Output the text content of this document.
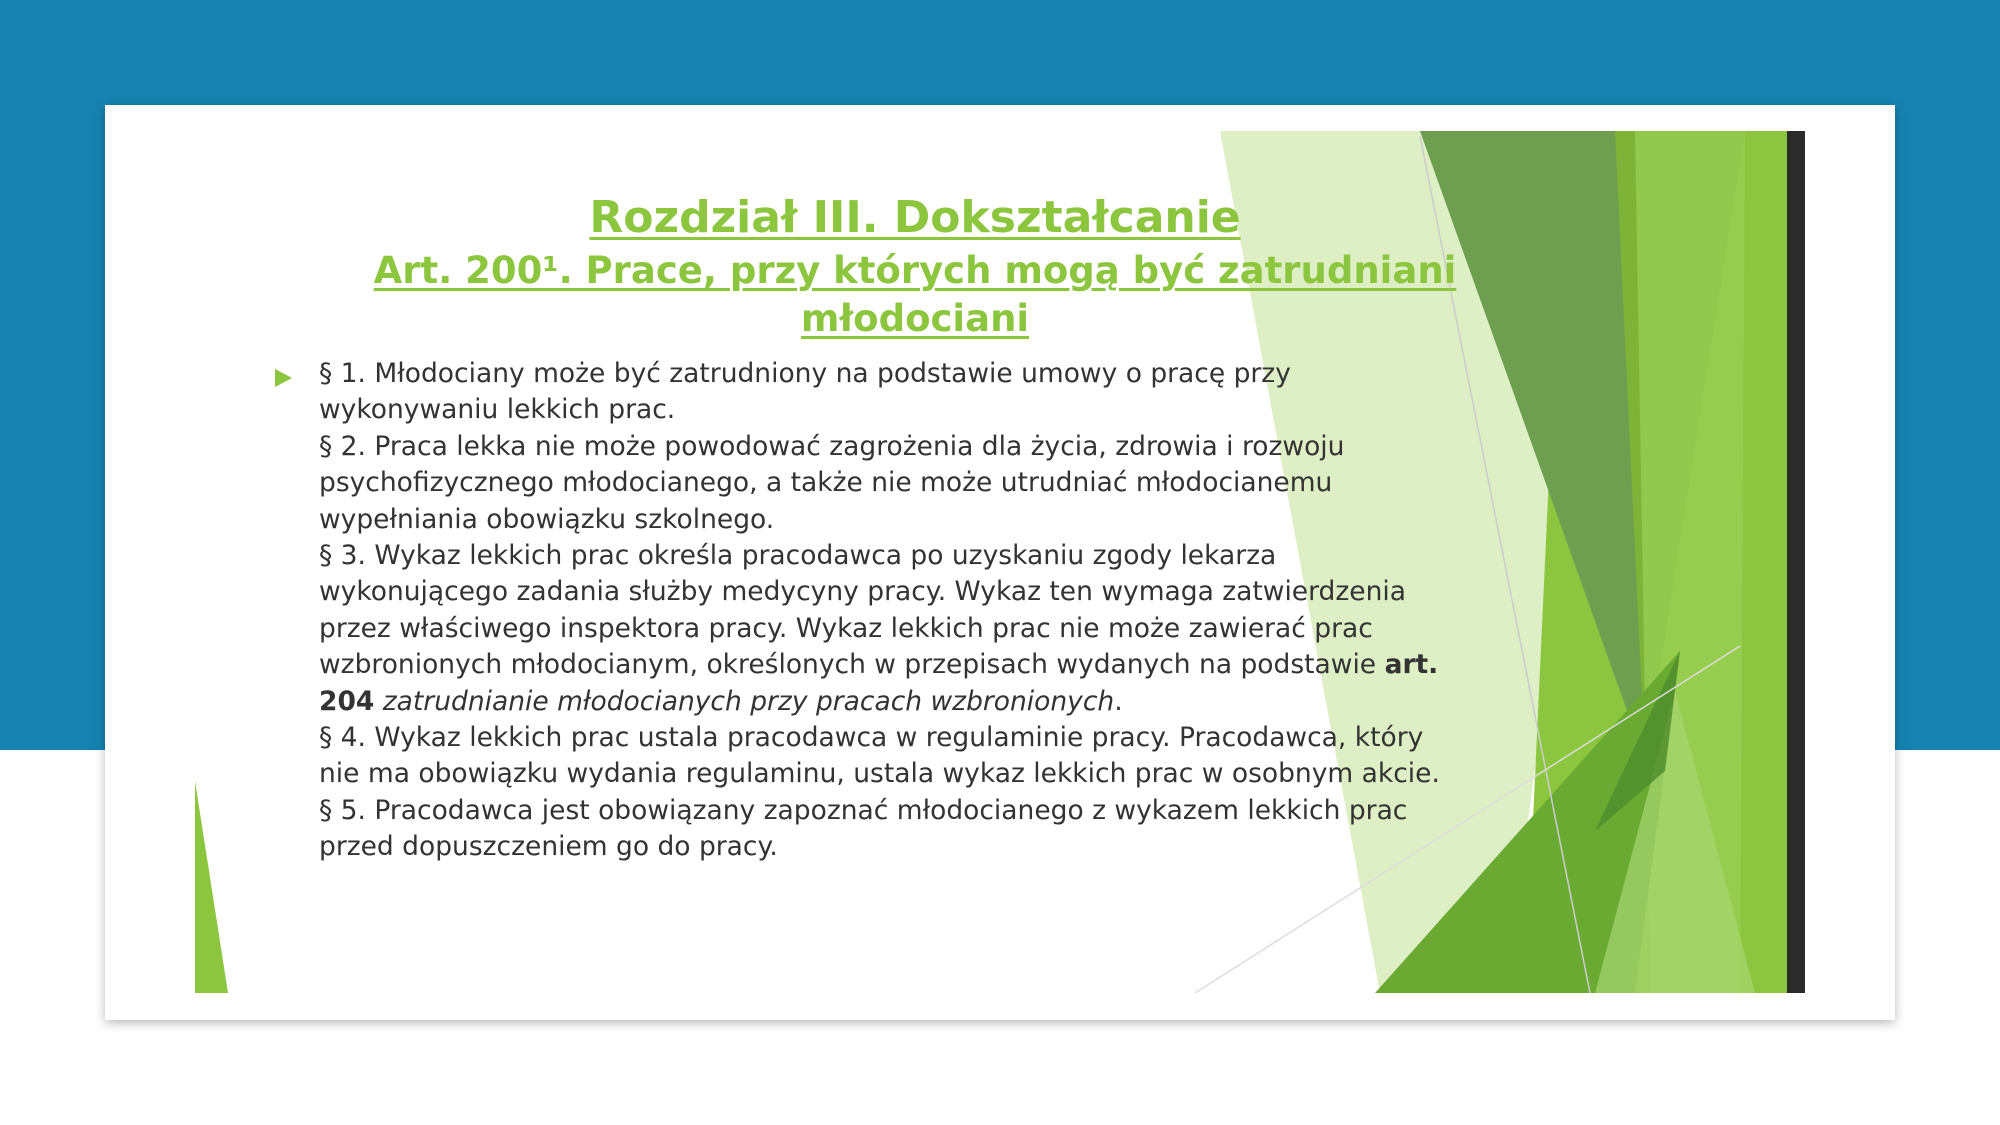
Rozdział III. Dokształcanie
Art. 200¹. Prace, przy których mogą być zatrudniani młodociani

§ 1. Młodociany może być zatrudniony na podstawie umowy o pracę przy wykonywaniu lekkich prac.

§ 2. Praca lekka nie może powodować zagrożenia dla życia, zdrowia i rozwoju psychofizycznego młodocianego, a także nie może utrudniać młodocianemu wypełniania obowiązku szkolnego.

§ 3. Wykaz lekkich prac określa pracodawca po uzyskaniu zgody lekarza wykonującego zadania służby medycyny pracy. Wykaz ten wymaga zatwierdzenia przez właściwego inspektora pracy. Wykaz lekkich prac nie może zawierać prac wzbronionych młodocianym, określonych w przepisach wydanych na podstawie art. 204 zatrudnianie młodocianych przy pracach wzbronionych.

§ 4. Wykaz lekkich prac ustala pracodawca w regulaminie pracy. Pracodawca, który nie ma obowiązku wydania regulaminu, ustala wykaz lekkich prac w osobnym akcie.

§ 5. Pracodawca jest obowiązany zapoznać młodocianego z wykazem lekkich prac przed dopuszczeniem go do pracy.
